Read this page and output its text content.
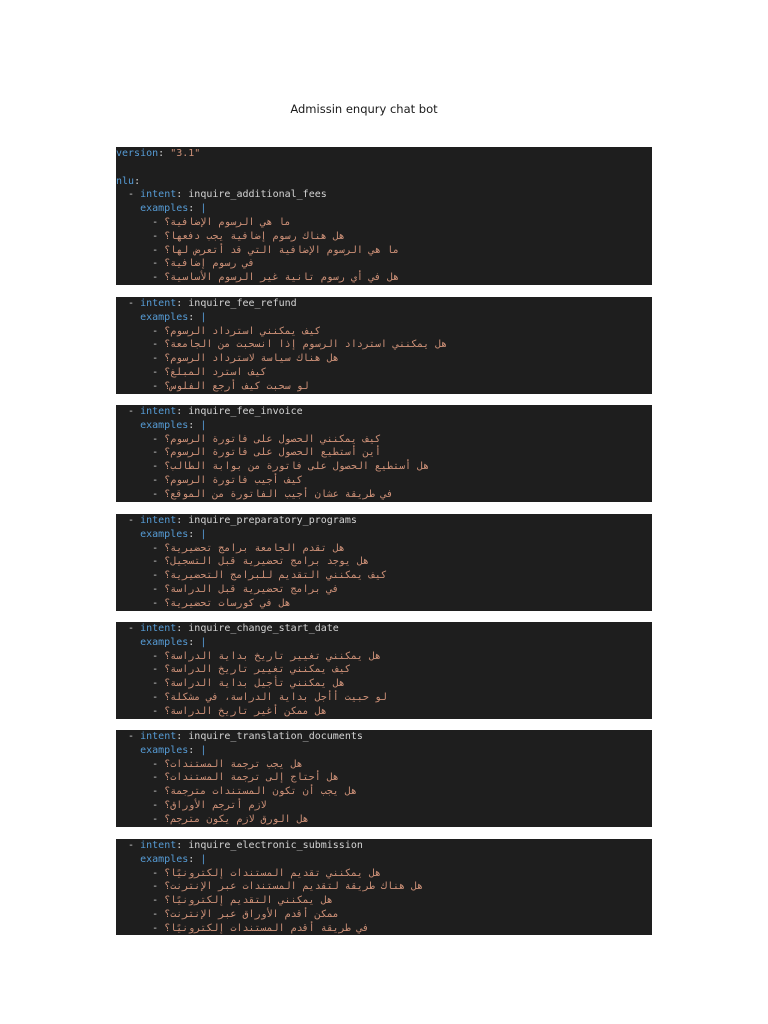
Admissin enqury chat bot
version: "3.1"
nlu:
- intent: inquire_additional_fees
examples: |
- ما هي الرسوم الإضافية؟
- هل هناك رسوم إضافية يجب دفعها؟
- ما هي الرسوم الإضافية التي قد أتعرض لها؟
- في رسوم إضافية؟
- هل في أي رسوم تانية غير الرسوم الأساسية؟
- intent: inquire_fee_refund
examples: |
- كيف يمكنني استرداد الرسوم؟
- هل يمكنني استرداد الرسوم إذا انسحبت من الجامعة؟
- هل هناك سياسة لاسترداد الرسوم؟
- كيف استرد المبلغ؟
- لو سحبت كيف أرجع الفلوس؟
- intent: inquire_fee_invoice
examples: |
- كيف يمكنني الحصول على فاتورة الرسوم؟
- أين أستطيع الحصول على فاتورة الرسوم؟
- هل أستطيع الحصول على فاتورة من بوابة الطالب؟
- كيف أجيب فاتورة الرسوم؟
- في طريقة عشان أجيب الفاتورة من الموقع؟
- intent: inquire_preparatory_programs
examples: |
- هل تقدم الجامعة برامج تحضيرية؟
- هل يوجد برامج تحضيرية قبل التسجيل؟
- كيف يمكنني التقديم للبرامج التحضيرية؟
- في برامج تحضيرية قبل الدراسة؟
- هل في كورسات تحضيرية؟
- intent: inquire_change_start_date
examples: |
- هل يمكنني تغيير تاريخ بداية الدراسة؟
- كيف يمكنني تغيير تاريخ الدراسة؟
- هل يمكنني تأجيل بداية الدراسة؟
- لو حبيت أأجل بداية الدراسة، في مشكلة؟
- هل ممكن أغير تاريخ الدراسة؟
- intent: inquire_translation_documents
examples: |
- هل يجب ترجمة المستندات؟
- هل أحتاج إلى ترجمة المستندات؟
- هل يجب أن تكون المستندات مترجمة؟
- لازم أترجم الأوراق؟
- هل الورق لازم يكون مترجم؟
- intent: inquire_electronic_submission
examples: |
- هل يمكنني تقديم المستندات إلكترونيًا؟
- هل هناك طريقة لتقديم المستندات عبر الإنترنت؟
- هل يمكنني التقديم إلكترونيًا؟
- ممكن أقدم الأوراق عبر الإنترنت؟
- في طريقة أقدم المستندات إلكترونيًا؟
